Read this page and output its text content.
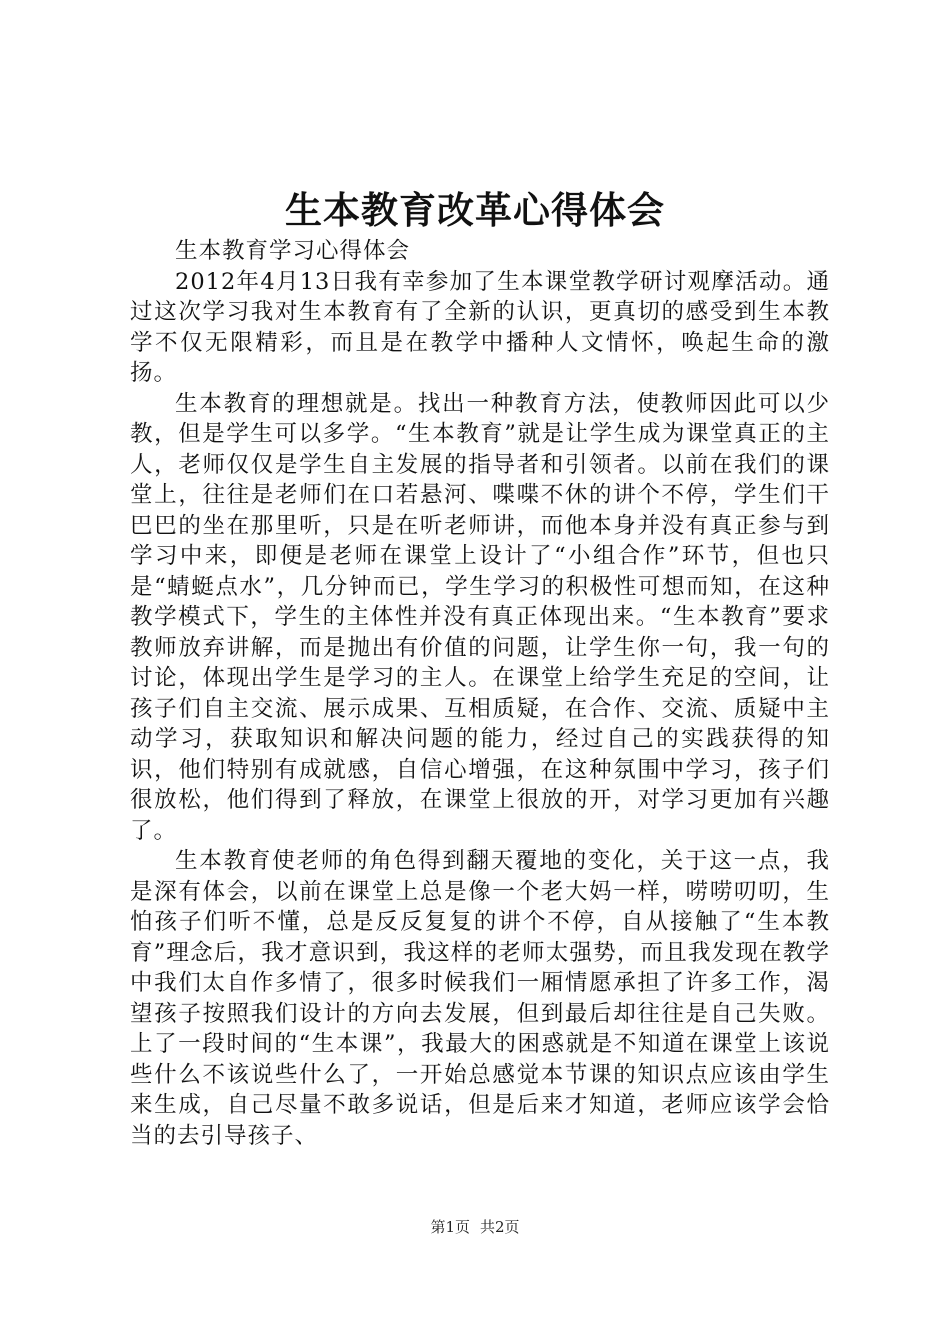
生本教育改革心得体会

生本教育学习心得体会

2012年4月13日我有幸参加了生本课堂教学研讨观摩活动。通过这次学习我对生本教育有了全新的认识，更真切的感受到生本教学不仅无限精彩，而且是在教学中播种人文情怀，唤起生命的激扬。

生本教育的理想就是。找出一种教育方法，使教师因此可以少教，但是学生可以多学。“生本教育”就是让学生成为课堂真正的主人，老师仅仅是学生自主发展的指导者和引领者。以前在我们的课堂上，往往是老师们在口若悬河、喋喋不休的讲个不停，学生们干巴巴的坐在那里听，只是在听老师讲，而他本身并没有真正参与到学习中来，即便是老师在课堂上设计了“小组合作”环节，但也只是“蜻蜓点水”，几分钟而已，学生学习的积极性可想而知，在这种教学模式下，学生的主体性并没有真正体现出来。“生本教育”要求教师放弃讲解，而是抛出有价值的问题，让学生你一句，我一句的讨论，体现出学生是学习的主人。在课堂上给学生充足的空间，让孩子们自主交流、展示成果、互相质疑，在合作、交流、质疑中主动学习，获取知识和解决问题的能力，经过自己的实践获得的知识，他们特别有成就感，自信心增强，在这种氛围中学习，孩子们很放松，他们得到了释放，在课堂上很放的开，对学习更加有兴趣了。

生本教育使老师的角色得到翻天覆地的变化，关于这一点，我是深有体会，以前在课堂上总是像一个老大妈一样，唠唠叨叨，生怕孩子们听不懂，总是反反复复的讲个不停，自从接触了“生本教育”理念后，我才意识到，我这样的老师太强势，而且我发现在教学中我们太自作多情了，很多时候我们一厢情愿承担了许多工作，渴望孩子按照我们设计的方向去发展，但到最后却往往是自己失败。上了一段时间的“生本课”，我最大的困惑就是不知道在课堂上该说些什么不该说些什么了，一开始总感觉本节课的知识点应该由学生来生成，自己尽量不敢多说话，但是后来才知道，老师应该学会恰当的去引导孩子、

第1页 共2页
